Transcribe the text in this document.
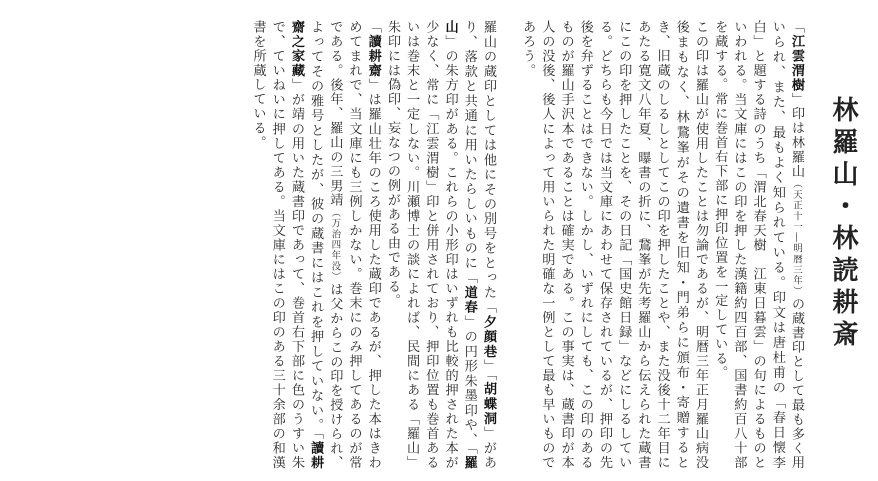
林羅山・林読耕斎

「江雲渭樹」印は林羅山（天正十一―明暦三年）の蔵書印として最も多く用いられ、また、最もよく知られている。印文は唐杜甫の「春日懐李白」と題する詩のうち「渭北春天樹　江東日暮雲」の句によるものといわれる。当文庫にはこの印を押した漢籍約四百部、国書約百八十部を蔵する。常に巻首右下部に押印位置を一定している。

この印は羅山が使用したことは勿論であるが、明暦三年正月羅山病没後まもなく、林鵞峯がその遺書を旧知・門弟らに頒布・寄贈するとき、旧蔵のしるしとしてこの印を押したことや、また没後十二年目にあたる寛文八年夏、曝書の折に、鵞峯が先考羅山から伝えられた蔵書にこの印を押したことを、その日記「国史館日録」などにしるしている。どちらも今日では当文庫にあわせて保存されているが、押印の先後を弁ずることはできない。しかし、いずれにしても、この印のあるものが羅山手沢本であることは確実である。この事実は、蔵書印が本人の没後、後人によって用いられた明確な一例として最も早いものであろう。

羅山の蔵印としては他にその別号をとった「夕顔巷」「胡蝶洞」があり、落款と共通に用いたらしいものに「道春」の円形朱墨印や、「羅山」の朱方印がある。これらの小形印はいずれも比較的押された本が少なく、常に「江雲渭樹」印と併用されており、押印位置も巻首あるいは巻末と一定しない。川瀬博士の談によれば、民間にある「羅山」朱印には偽印、妄なつの例がある由である。

「讀耕齋」は羅山壮年のころ使用した蔵印であるが、押した本はきわめてまれで、当文庫にも三例しかない。巻末にのみ押してあるのが常である。後年、羅山の三男靖（万治四年没）は父からこの印を授けられ、よってその雅号としたが、彼の蔵書にはこれを押していない。「讀耕齋之家藏」が靖の用いた蔵書印であって、巻首右下部に色のうすい朱で、ていねいに押してある。当文庫にはこの印のある三十余部の和漢書を所蔵している。
